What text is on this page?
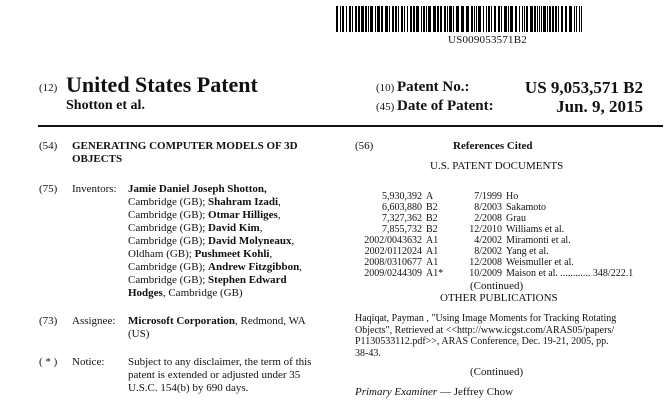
US009053571B2
(12) United States Patent
Shotton et al.
(10) Patent No.:	US 9,053,571 B2
(45) Date of Patent:	Jun. 9, 2015
(54) GENERATING COMPUTER MODELS OF 3D
OBJECTS
(75) Inventors: Jamie Daniel Joseph Shotton,
Cambridge (GB); Shahram Izadi,
Cambridge (GB); Otmar Hilliges,
Cambridge (GB); David Kim,
Cambridge (GB); David Molyneaux,
Oldham (GB); Pushmeet Kohli,
Cambridge (GB); Andrew Fitzgibbon,
Cambridge (GB); Stephen Edward
Hodges, Cambridge (GB)
(73) Assignee: Microsoft Corporation, Redmond, WA
(US)
( * ) Notice: Subject to any disclaimer, the term of this
patent is extended or adjusted under 35
U.S.C. 154(b) by 690 days.
(56)	References Cited
U.S. PATENT DOCUMENTS
5,930,392	A	7/1999	Ho
6,603,880	B2	8/2003	Sakamoto
7,327,362	B2	2/2008	Grau
7,855,732	B2	12/2010	Williams et al.
2002/0043632	A1	4/2002	Miramonti et al.
2002/0112024	A1	8/2002	Yang et al.
2008/0310677	A1	12/2008	Weismuller et al.
2009/0244309	A1*	10/2009	Maison et al. ............ 348/222.1
(Continued)
OTHER PUBLICATIONS
Haqiqat, Payman , "Using Image Moments for Tracking Rotating
Objects", Retrieved at <<http://www.icgst.com/ARAS05/papers/
P1130533112.pdf>>, ARAS Conference, Dec. 19-21, 2005, pp.
38-43.
(Continued)
Primary Examiner — Jeffrey Chow
